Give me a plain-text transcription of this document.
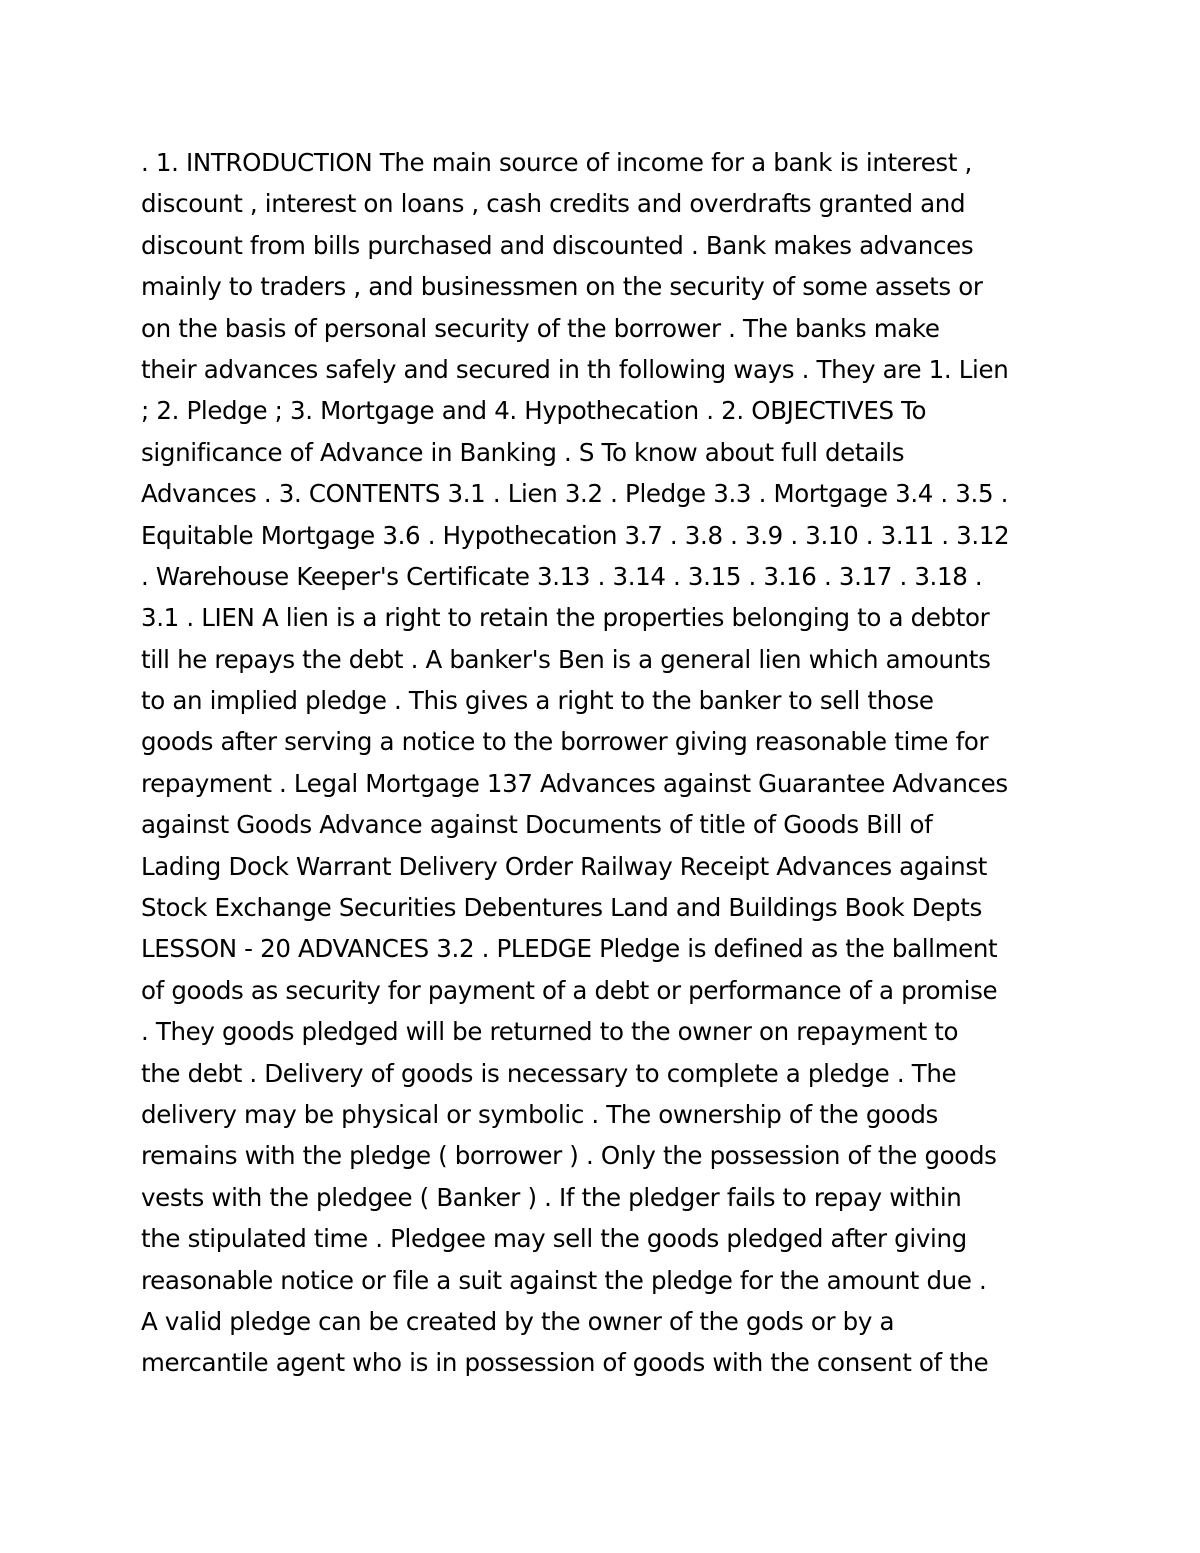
. 1. INTRODUCTION The main source of income for a bank is interest ,
discount , interest on loans , cash credits and overdrafts granted and
discount from bills purchased and discounted . Bank makes advances
mainly to traders , and businessmen on the security of some assets or
on the basis of personal security of the borrower . The banks make
their advances safely and secured in th following ways . They are 1. Lien
; 2. Pledge ; 3. Mortgage and 4. Hypothecation . 2. OBJECTIVES To
significance of Advance in Banking . S To know about full details
Advances . 3. CONTENTS 3.1 . Lien 3.2 . Pledge 3.3 . Mortgage 3.4 . 3.5 .
Equitable Mortgage 3.6 . Hypothecation 3.7 . 3.8 . 3.9 . 3.10 . 3.11 . 3.12
. Warehouse Keeper's Certificate 3.13 . 3.14 . 3.15 . 3.16 . 3.17 . 3.18 .
3.1 . LIEN A lien is a right to retain the properties belonging to a debtor
till he repays the debt . A banker's Ben is a general lien which amounts
to an implied pledge . This gives a right to the banker to sell those
goods after serving a notice to the borrower giving reasonable time for
repayment . Legal Mortgage 137 Advances against Guarantee Advances
against Goods Advance against Documents of title of Goods Bill of
Lading Dock Warrant Delivery Order Railway Receipt Advances against
Stock Exchange Securities Debentures Land and Buildings Book Depts
LESSON - 20 ADVANCES 3.2 . PLEDGE Pledge is defined as the ballment
of goods as security for payment of a debt or performance of a promise
. They goods pledged will be returned to the owner on repayment to
the debt . Delivery of goods is necessary to complete a pledge . The
delivery may be physical or symbolic . The ownership of the goods
remains with the pledge ( borrower ) . Only the possession of the goods
vests with the pledgee ( Banker ) . If the pledger fails to repay within
the stipulated time . Pledgee may sell the goods pledged after giving
reasonable notice or file a suit against the pledge for the amount due .
A valid pledge can be created by the owner of the gods or by a
mercantile agent who is in possession of goods with the consent of the
